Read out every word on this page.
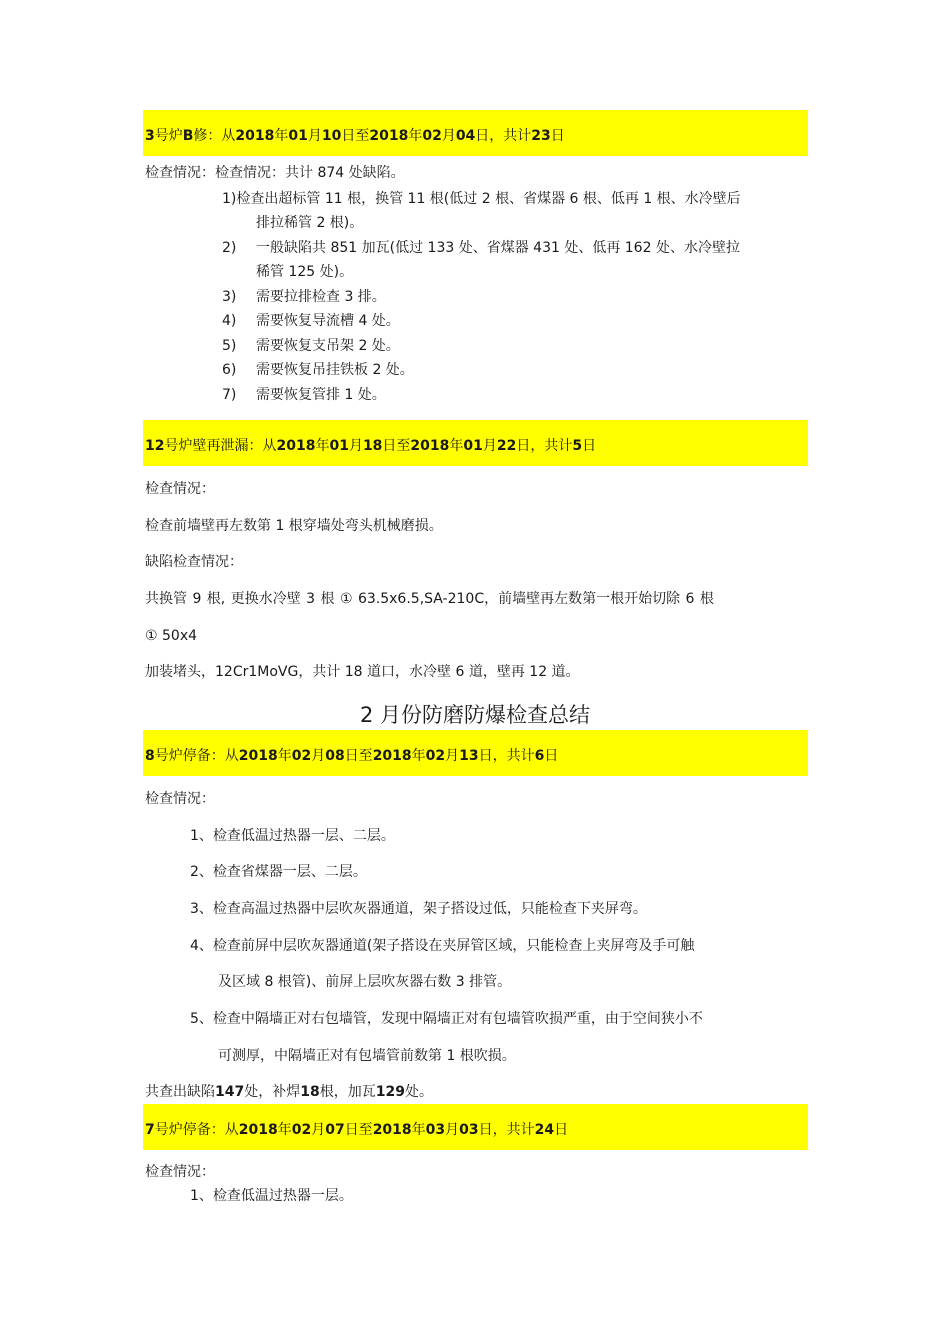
3号炉B修：从2018年01月10日至2018年02月04日，共计23日
检查情况：检查情况：共计 874 处缺陷。
1)检查出超标管 11 根，换管 11 根(低过 2 根、省煤器 6 根、低再 1 根、水冷壁后
排拉稀管 2 根)。
2) 一般缺陷共 851 加瓦(低过 133 处、省煤器 431 处、低再 162 处、水冷壁拉
稀管 125 处)。
3) 需要拉排检查 3 排。
4) 需要恢复导流槽 4 处。
5) 需要恢复支吊架 2 处。
6) 需要恢复吊挂铁板 2 处。
7) 需要恢复管排 1 处。
12号炉壁再泄漏：从2018年01月18日至2018年01月22日，共计5日
检查情况：
检查前墙壁再左数第 1 根穿墙处弯头机械磨损。
缺陷检查情况：
共换管 9 根, 更换水冷壁 3 根 ① 63.5x6.5,SA-210C，前墙壁再左数第一根开始切除 6 根
① 50x4
加装堵头，12Cr1MoVG，共计 18 道口，水冷壁 6 道，壁再 12 道。
2 月份防磨防爆检查总结
8号炉停备：从2018年02月08日至2018年02月13日，共计6日
检查情况：
1、检查低温过热器一层、二层。
2、检查省煤器一层、二层。
3、检查高温过热器中层吹灰器通道，架子搭设过低，只能检查下夹屏弯。
4、检查前屏中层吹灰器通道(架子搭设在夹屏管区域，只能检查上夹屏弯及手可触
及区域 8 根管)、前屏上层吹灰器右数 3 排管。
5、检查中隔墙正对右包墙管，发现中隔墙正对有包墙管吹损严重，由于空间狭小不
可测厚，中隔墙正对有包墙管前数第 1 根吹损。
共查出缺陷147处，补焊18根，加瓦129处。
7号炉停备：从2018年02月07日至2018年03月03日，共计24日
检查情况：
1、检查低温过热器一层。
